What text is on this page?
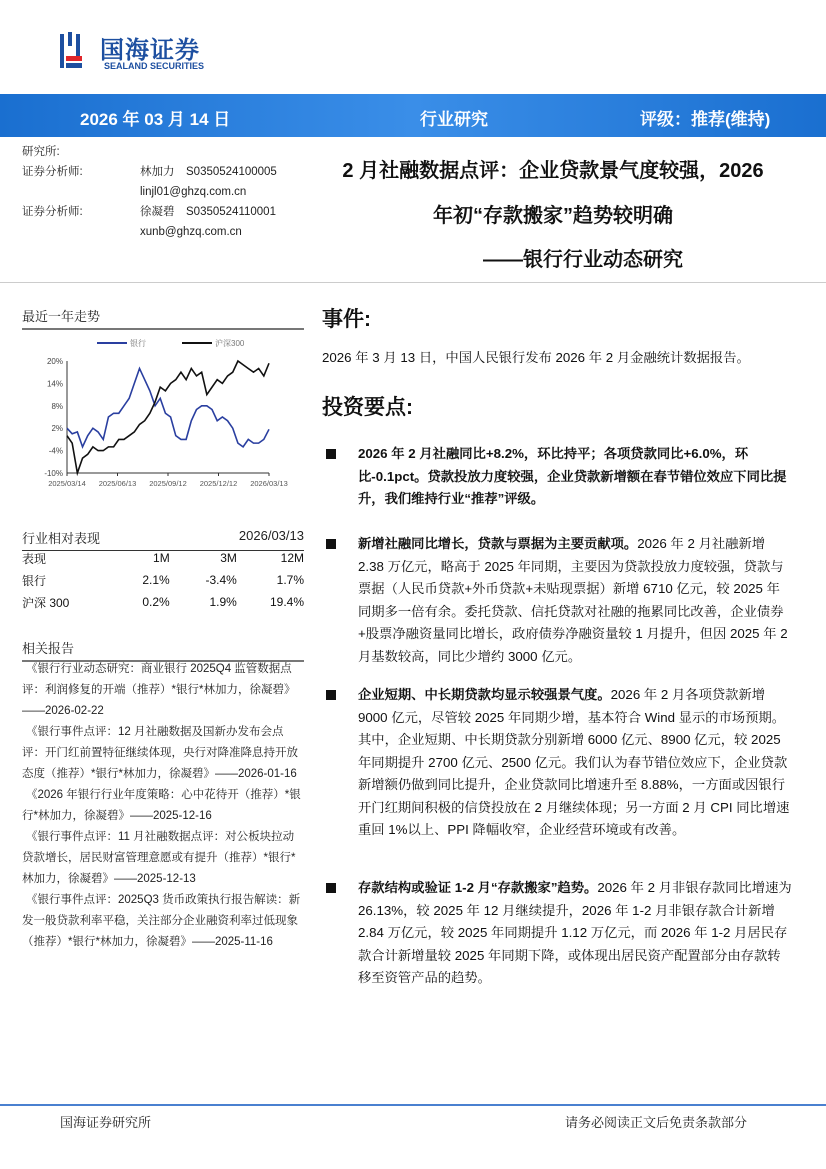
国海证券
SEALAND SECURITIES
2026 年 03 月 14 日	行业研究	评级：推荐(维持)
研究所:
证券分析师:	林加力	S0350524100005
linjl01@ghzq.com.cn
证券分析师:	徐凝碧	S0350524110001
xunb@ghzq.com.cn
2 月社融数据点评：企业贷款景气度较强，2026
年初“存款搬家”趋势较明确
——银行行业动态研究
最近一年走势
20%
14%
8%
2%
-4%
-10%
2025/03/14 2025/06/13 2025/09/12 2025/12/12 2026/03/13
银行	沪深300
行业相对表现	2026/03/13
表现	1M	3M	12M
银行	2.1%	-3.4%	1.7%
沪深 300	0.2%	1.9%	19.4%
相关报告

《银行行业动态研究：商业银行 2025Q4 监管数据点评：利润修复的开端（推荐）*银行*林加力，徐凝碧》——2026-02-22

《银行事件点评：12 月社融数据及国新办发布会点评：开门红前置特征继续体现，央行对降准降息持开放态度（推荐）*银行*林加力，徐凝碧》——2026-01-16

《2026 年银行行业年度策略：心中花待开（推荐）*银行*林加力，徐凝碧》——2025-12-16

《银行事件点评：11 月社融数据点评：对公板块拉动贷款增长，居民财富管理意愿或有提升（推荐）*银行*林加力，徐凝碧》——2025-12-13

《银行事件点评：2025Q3 货币政策执行报告解读：新发一般贷款利率平稳，关注部分企业融资利率过低现象（推荐）*银行*林加力，徐凝碧》——2025-11-16

事件:
2026 年 3 月 13 日，中国人民银行发布 2026 年 2 月金融统计数据报告。
投资要点:
2026 年 2 月社融同比+8.2%，环比持平；各项贷款同比+6.0%，环比-0.1pct。贷款投放力度较强，企业贷款新增额在春节错位效应下同比提升，我们维持行业“推荐”评级。
新增社融同比增长，贷款与票据为主要贡献项。2026 年 2 月社融新增 2.38 万亿元，略高于 2025 年同期，主要因为贷款投放力度较强，贷款与票据（人民币贷款+外币贷款+未贴现票据）新增 6710 亿元，较 2025 年同期多一倍有余。委托贷款、信托贷款对社融的拖累同比改善，企业债券+股票净融资量同比增长，政府债券净融资量较 1 月提升，但因 2025 年 2 月基数较高，同比少增约 3000 亿元。
企业短期、中长期贷款均显示较强景气度。2026 年 2 月各项贷款新增 9000 亿元，尽管较 2025 年同期少增，基本符合 Wind 显示的市场预期。其中，企业短期、中长期贷款分别新增 6000 亿元、8900 亿元，较 2025 年同期提升 2700 亿元、2500 亿元。我们认为春节错位效应下，企业贷款新增额仍做到同比提升，企业贷款同比增速升至 8.88%，一方面或因银行开门红期间积极的信贷投放在 2 月继续体现；另一方面 2 月 CPI 同比增速重回 1%以上、PPI 降幅收窄，企业经营环境或有改善。
存款结构或验证 1-2 月“存款搬家”趋势。2026 年 2 月非银存款同比增速为 26.13%，较 2025 年 12 月继续提升，2026 年 1-2 月非银存款合计新增 2.84 万亿元，较 2025 年同期提升 1.12 万亿元，而 2026 年 1-2 月居民存款合计新增量较 2025 年同期下降，或体现出居民资产配置部分由存款转移至资管产品的趋势。
国海证券研究所	请务必阅读正文后免责条款部分
